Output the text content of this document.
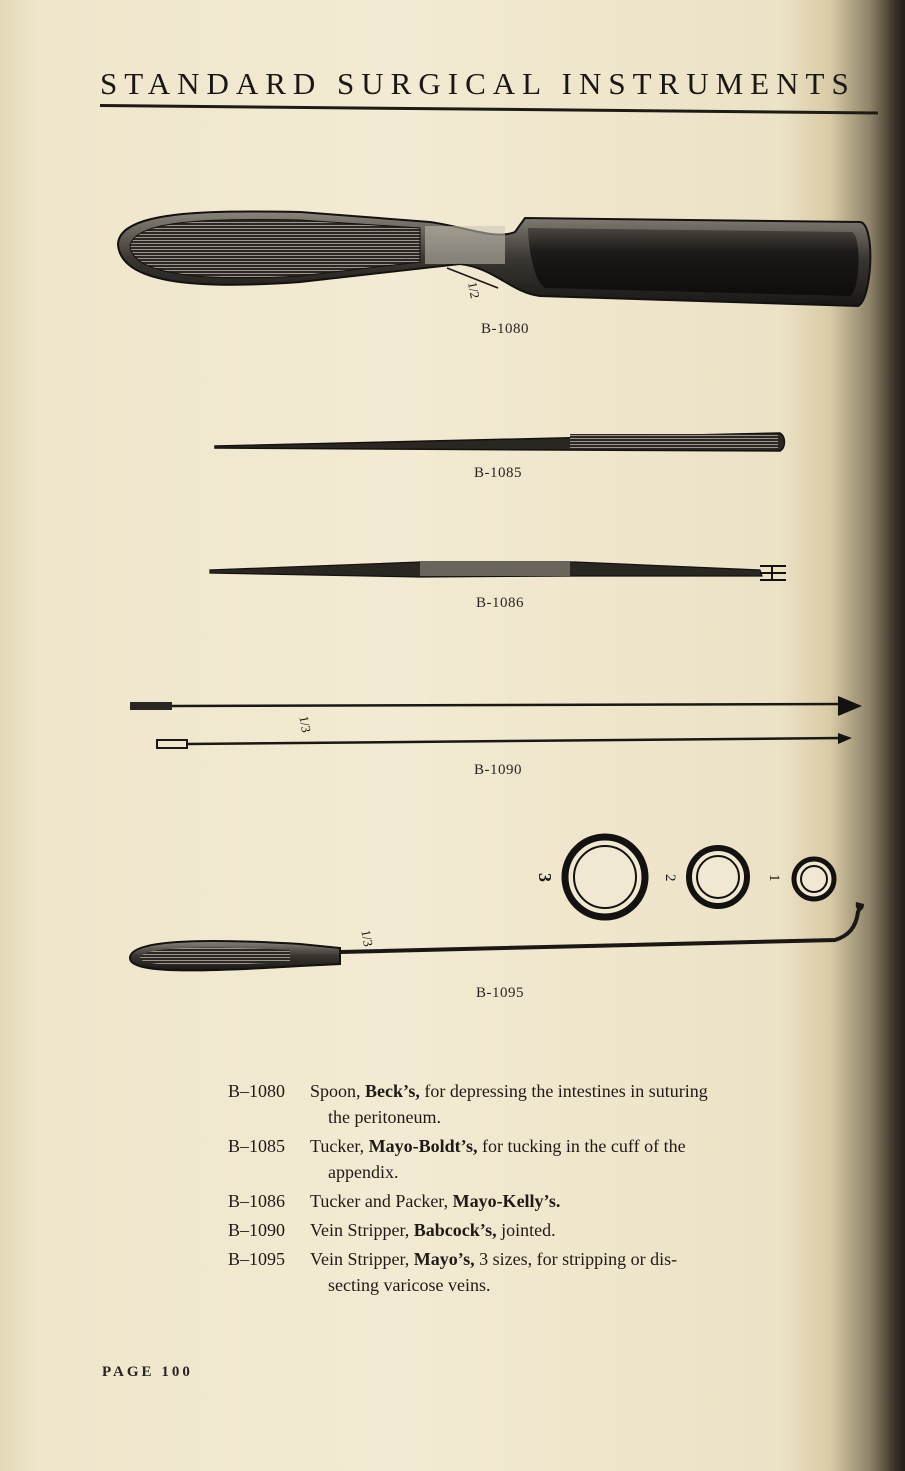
STANDARD SURGICAL INSTRUMENTS
1/2
1/3
3	2	1
1/3
B-1080
B-1085
B-1086
B-1090
B-1095
B–1080	Spoon, Beck’s, for depressing the intestines in suturing
the peritoneum.
B–1085	Tucker, Mayo-Boldt’s, for tucking in the cuff of the
appendix.
B–1086	Tucker and Packer, Mayo-Kelly’s.
B–1090	Vein Stripper, Babcock’s, jointed.
B–1095	Vein Stripper, Mayo’s, 3 sizes, for stripping or dis-
secting varicose veins.
PAGE 100
